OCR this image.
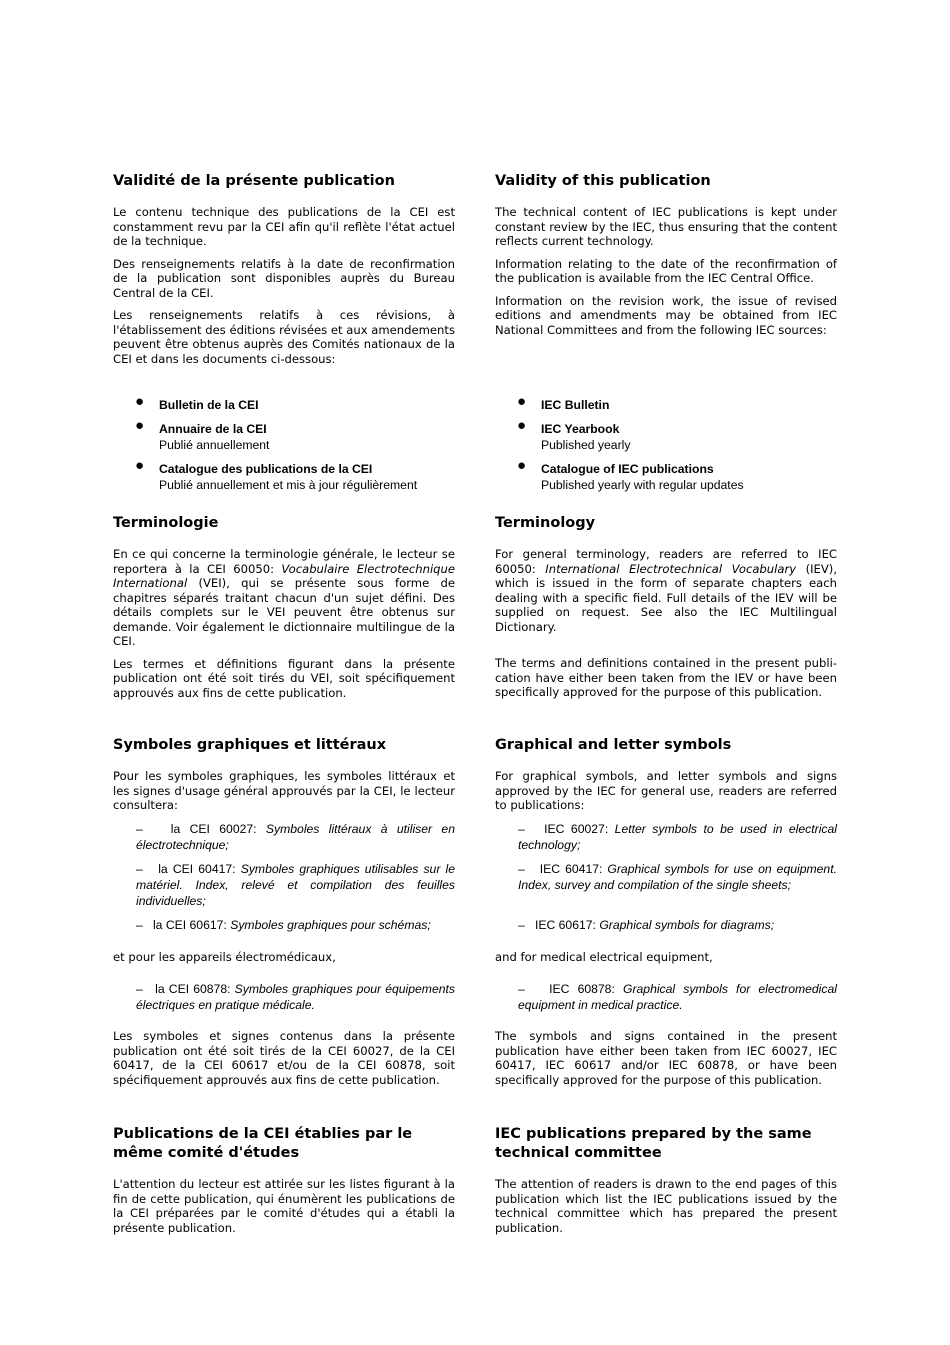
Validité de la présente publication

Le contenu technique des publications de la CEI est constamment revu par la CEI afin qu'il reflète l'état actuel de la technique.

Des renseignements relatifs à la date de reconfirmation de la publication sont disponibles auprès du Bureau Central de la CEI.

Les renseignements relatifs à ces révisions, à l'établissement des éditions révisées et aux amendements peuvent être obtenus auprès des Comités nationaux de la CEI et dans les documents ci-dessous:

● Bulletin de la CEI
● Annuaire de la CEI
Publié annuellement
● Catalogue des publications de la CEI
Publié annuellement et mis à jour régulièrement
Terminologie

En ce qui concerne la terminologie générale, le lecteur se reportera à la CEI 60050: Vocabulaire Electrotechnique International (VEI), qui se présente sous forme de chapitres séparés traitant chacun d'un sujet défini. Des détails complets sur le VEI peuvent être obtenus sur demande. Voir également le dictionnaire multilingue de la CEI.

Les termes et définitions figurant dans la présente publication ont été soit tirés du VEI, soit spécifiquement approuvés aux fins de cette publication.

Symboles graphiques et littéraux

Pour les symboles graphiques, les symboles littéraux et les signes d'usage général approuvés par la CEI, le lecteur consultera:

– la CEI 60027: Symboles littéraux à utiliser en électrotechnique;
– la CEI 60417: Symboles graphiques utilisables sur le matériel. Index, relevé et compilation des feuilles individuelles;
– la CEI 60617: Symboles graphiques pour schémas;

et pour les appareils électromédicaux,

– la CEI 60878: Symboles graphiques pour équipements électriques en pratique médicale.

Les symboles et signes contenus dans la présente publication ont été soit tirés de la CEI 60027, de la CEI 60417, de la CEI 60617 et/ou de la CEI 60878, soit spécifiquement approuvés aux fins de cette publication.

Publications de la CEI établies par le même comité d'études

L'attention du lecteur est attirée sur les listes figurant à la fin de cette publication, qui énumèrent les publications de la CEI préparées par le comité d'études qui a établi la présente publication.

Validity of this publication

The technical content of IEC publications is kept under constant review by the IEC, thus ensuring that the content reflects current technology.

Information relating to the date of the reconfirmation of the publication is available from the IEC Central Office.

Information on the revision work, the issue of revised editions and amendments may be obtained from IEC National Committees and from the following IEC sources:

● IEC Bulletin
● IEC Yearbook
Published yearly
● Catalogue of IEC publications
Published yearly with regular updates
Terminology

For general terminology, readers are referred to IEC 60050: International Electrotechnical Vocabulary (IEV), which is issued in the form of separate chapters each dealing with a specific field. Full details of the IEV will be supplied on request. See also the IEC Multilingual Dictionary.

The terms and definitions contained in the present publi-cation have either been taken from the IEV or have been specifically approved for the purpose of this publication.

Graphical and letter symbols

For graphical symbols, and letter symbols and signs approved by the IEC for general use, readers are referred to publications:

– IEC 60027: Letter symbols to be used in electrical technology;
– IEC 60417: Graphical symbols for use on equipment. Index, survey and compilation of the single sheets;
– IEC 60617: Graphical symbols for diagrams;

and for medical electrical equipment,

– IEC 60878: Graphical symbols for electromedical equipment in medical practice.

The symbols and signs contained in the present publication have either been taken from IEC 60027, IEC 60417, IEC 60617 and/or IEC 60878, or have been specifically approved for the purpose of this publication.

IEC publications prepared by the same technical committee

The attention of readers is drawn to the end pages of this publication which list the IEC publications issued by the technical committee which has prepared the present publication.
